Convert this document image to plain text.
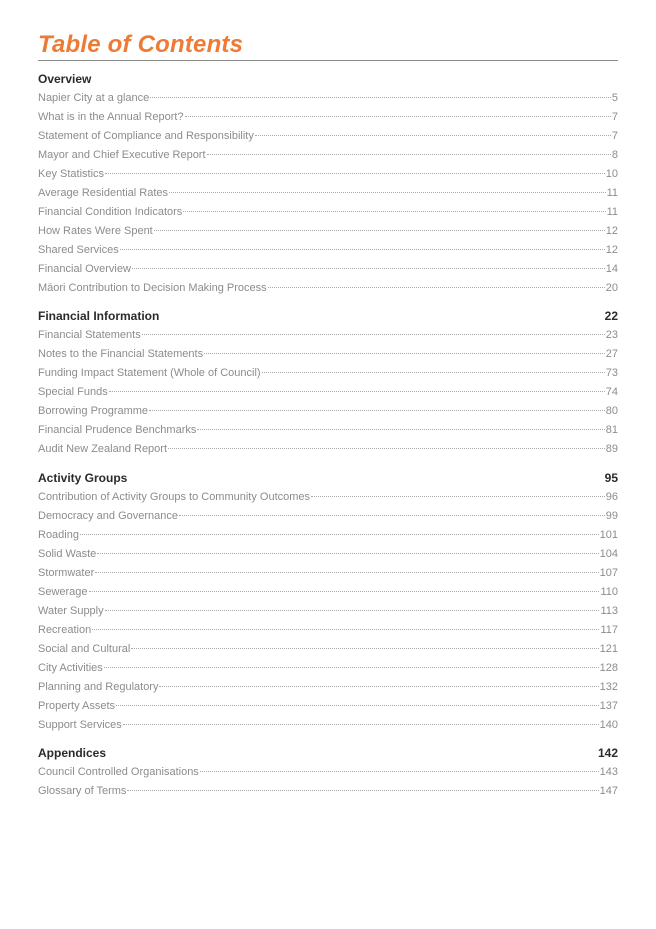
Table of Contents
Overview
Napier City at a glance	5
What is in the Annual Report?	7
Statement of Compliance and Responsibility	7
Mayor and Chief Executive Report	8
Key Statistics	10
Average Residential Rates	11
Financial Condition Indicators	11
How Rates Were Spent	12
Shared Services	12
Financial Overview	14
Māori Contribution to Decision Making Process	20
Financial Information	22
Financial Statements	23
Notes to the Financial Statements	27
Funding Impact Statement (Whole of Council)	73
Special Funds	74
Borrowing Programme	80
Financial Prudence Benchmarks	81
Audit New Zealand Report	89
Activity Groups	95
Contribution of Activity Groups to Community Outcomes	96
Democracy and Governance	99
Roading	101
Solid Waste	104
Stormwater	107
Sewerage	110
Water Supply	113
Recreation	117
Social and Cultural	121
City Activities	128
Planning and Regulatory	132
Property Assets	137
Support Services	140
Appendices	142
Council Controlled Organisations	143
Glossary of Terms	147
